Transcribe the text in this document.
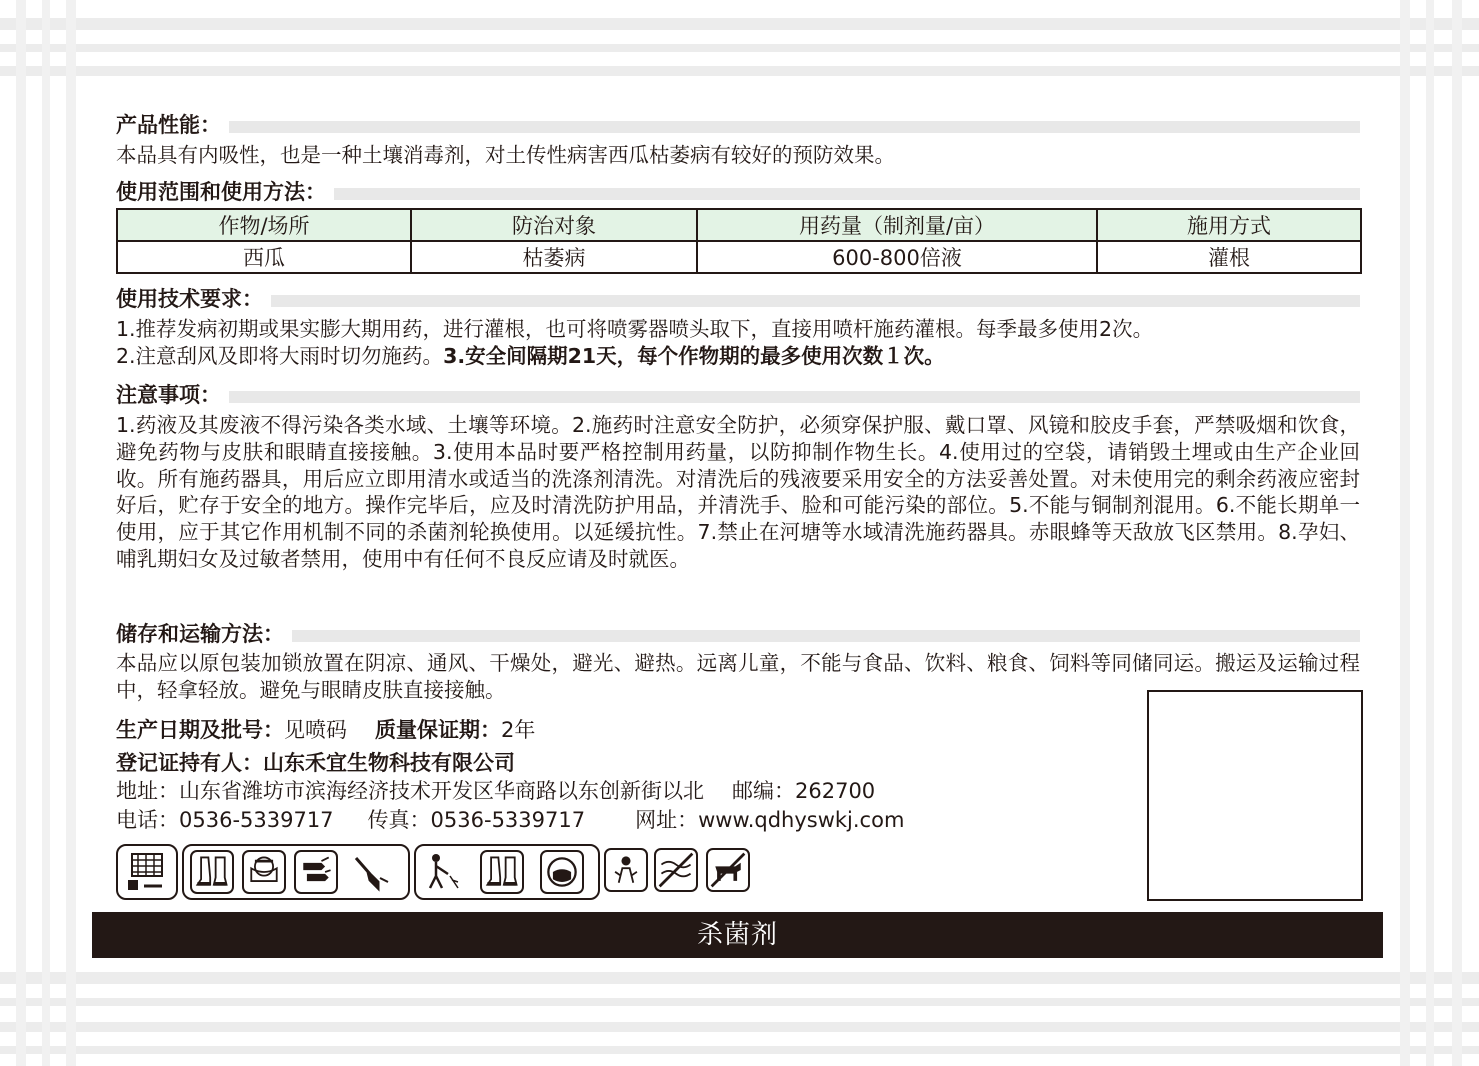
产品性能：
本品具有内吸性，也是一种土壤消毒剂，对土传性病害西瓜枯萎病有较好的预防效果。
使用范围和使用方法：
作物/场所	防治对象	用药量（制剂量/亩）	施用方式
西瓜	枯萎病	600-800倍液	灌根
使用技术要求：
1.推荐发病初期或果实膨大期用药，进行灌根，也可将喷雾器喷头取下，直接用喷杆施药灌根。每季最多使用2次。
2.注意刮风及即将大雨时切勿施药。3.安全间隔期21天，每个作物期的最多使用次数１次。
注意事项：
1.药液及其废液不得污染各类水域、土壤等环境。2.施药时注意安全防护，必须穿保护服、戴口罩、风镜和胶皮手套，严禁吸烟和饮食，避免药物与皮肤和眼睛直接接触。3.使用本品时要严格控制用药量，以防抑制作物生长。4.使用过的空袋，请销毁土埋或由生产企业回收。所有施药器具，用后应立即用清水或适当的洗涤剂清洗。对清洗后的残液要采用安全的方法妥善处置。对未使用完的剩余药液应密封好后，贮存于安全的地方。操作完毕后，应及时清洗防护用品，并清洗手、脸和可能污染的部位。5.不能与铜制剂混用。6.不能长期单一使用，应于其它作用机制不同的杀菌剂轮换使用。以延缓抗性。7.禁止在河塘等水域清洗施药器具。赤眼蜂等天敌放飞区禁用。8.孕妇、哺乳期妇女及过敏者禁用，使用中有任何不良反应请及时就医。
储存和运输方法：
本品应以原包装加锁放置在阴凉、通风、干燥处，避光、避热。远离儿童，不能与食品、饮料、粮食、饲料等同储同运。搬运及运输过程中，轻拿轻放。避免与眼睛皮肤直接接触。
生产日期及批号：见喷码 质量保证期：2年
登记证持有人：山东禾宜生物科技有限公司
地址：山东省潍坊市滨海经济技术开发区华商路以东创新街以北 邮编：262700
电话：0536-5339717 传真：0536-5339717 网址：www.qdhyswkj.com
杀菌剂
